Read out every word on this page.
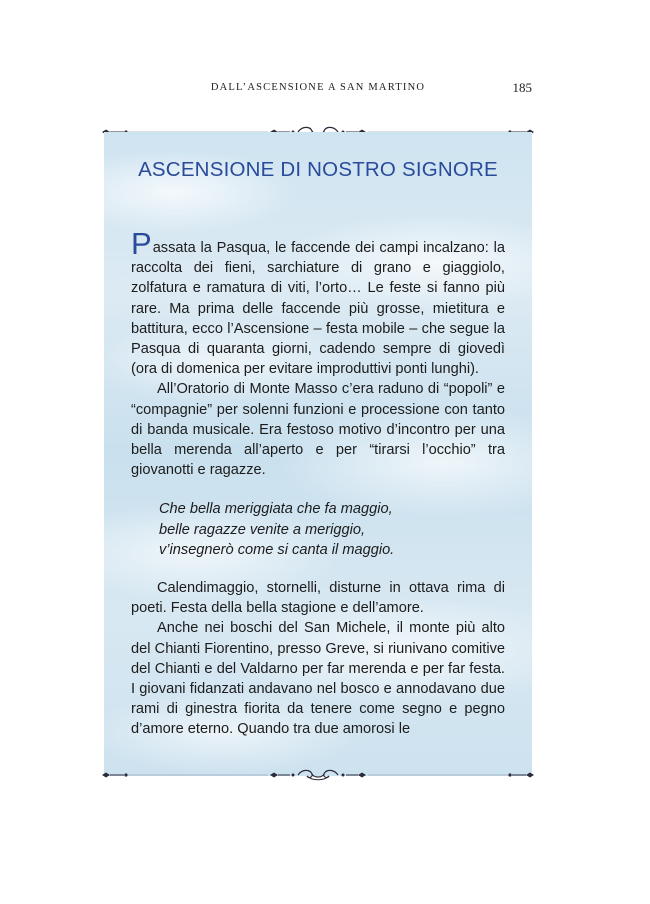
DALL’ASCENSIONE A SAN MARTINO	185
ASCENSIONE DI NOSTRO SIGNORE

Passata la Pasqua, le faccende dei campi incalzano: la raccolta dei fieni, sarchiature di grano e giaggiolo, zolfatura e ramatura di viti, l’orto… Le feste si fanno più rare. Ma prima delle faccende più grosse, mietitura e battitura, ecco l’Ascensione – festa mobile – che segue la Pasqua di quaranta giorni, cadendo sempre di giovedì (ora di domenica per evitare improduttivi ponti lunghi).

All’Oratorio di Monte Masso c’era raduno di “popoli” e “compagnie” per solenni funzioni e processione con tanto di banda musicale. Era festoso motivo d’incontro per una bella merenda all’aperto e per “tirarsi l’occhio” tra giovanotti e ragazze.

Che bella meriggiata che fa maggio,
belle ragazze venite a meriggio,
v’insegnerò come si canta il maggio.

Calendimaggio, stornelli, disturne in ottava rima di poeti. Festa della bella stagione e dell’amore.

Anche nei boschi del San Michele, il monte più alto del Chianti Fiorentino, presso Greve, si riunivano comitive del Chianti e del Valdarno per far merenda e per far festa. I giovani fidanzati andavano nel bosco e annodavano due rami di ginestra fiorita da tenere come segno e pegno d’amore eterno. Quando tra due amorosi le
